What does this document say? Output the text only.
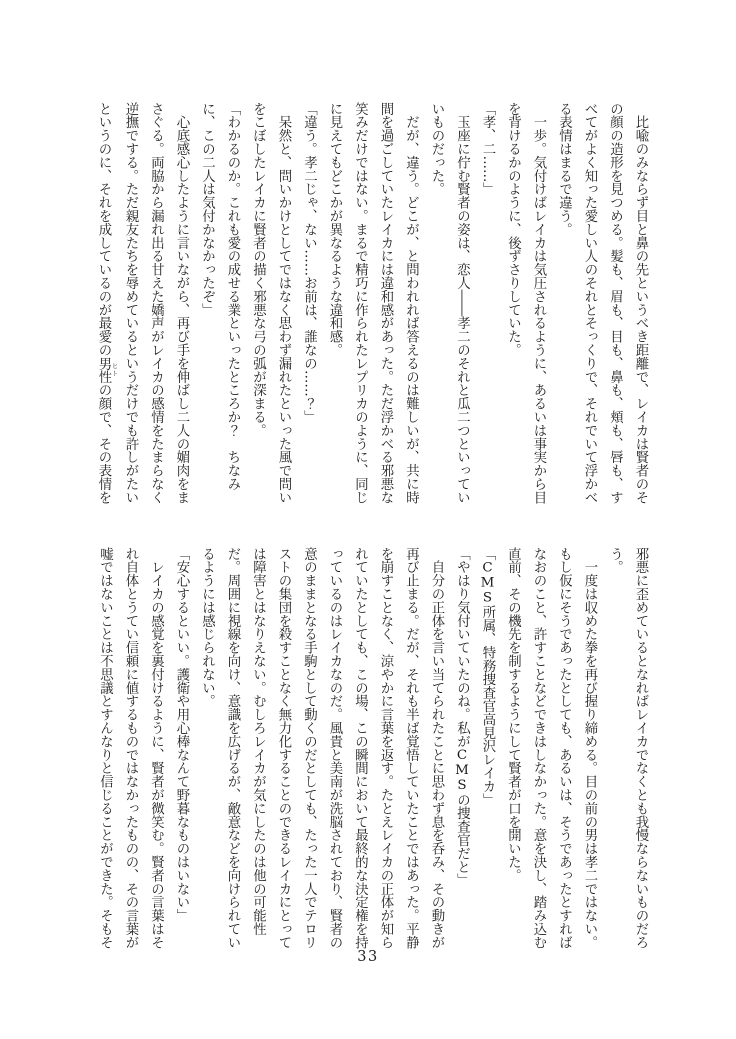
　比喩のみならず目と鼻の先というべき距離で、レイカは賢者のそ

の顔の造形を見つめる。髪も、眉も、目も、鼻も、頬も、唇も、す

べてがよく知った愛しい人のそれとそっくりで、それでいて浮かべ

る表情はまるで違う。

　一歩。気付けばレイカは気圧されるように、あるいは事実から目

を背けるかのように、後ずさりしていた。

「孝、二……」

　玉座に佇む賢者の姿は、恋人――孝二のそれと瓜二つといってい

いものだった。

　だが、違う。どこが、と問われれば答えるのは難しいが、共に時

間を過ごしていたレイカには違和感があった。ただ浮かべる邪悪な

笑みだけではない。まるで精巧に作られたレプリカのように、同じ

に見えてもどこかが異なるような違和感。

「違う。孝二じゃ、ない……お前は、誰なの……？」

　呆然と、問いかけとしてではなく思わず漏れたといった風で問い

をこぼしたレイカに賢者の描く邪悪な弓の弧が深まる。

「わかるのか。これも愛の成せる業といったところか？　ちなみ

に、この二人は気付かなかったぞ」

　心底感心したように言いながら、再び手を伸ばし二人の媚肉をま

さぐる。両脇から漏れ出る甘えた嬌声がレイカの感情をたまらなく

逆撫でする。ただ親友たちを辱めているというだけでも許しがたい

というのに、それを成しているのが最愛の男性 ヒトの顔で、その表情を

邪悪に歪めているとなればレイカでなくとも我慢ならないものだろ

う。

　一度は収めた拳を再び握り締める。目の前の男は孝二ではない。

もし仮にそうであったとしても、あるいは、そうであったとすれば

なおのこと、許すことなどできはしなかった。意を決し、踏み込む

直前、その機先を制するようにして賢者が口を開いた。

「CMS所属、特務捜査官高見沢レイカ」

「やはり気付いていたのね。私がCMSの捜査官だと」

　自分の正体を言い当てられたことに思わず息を呑み、その動きが

再び止まる。だが、それも半ば覚悟していたことではあった。平静

を崩すことなく、涼やかに言葉を返す。たとえレイカの正体が知ら

れていたとしても、この場、この瞬間において最終的な決定権を持

っているのはレイカなのだ。風貴と美南が洗脳されており、賢者の

意のままとなる手駒として動くのだとしても、たった一人でテロリ

ストの集団を殺すことなく無力化することのできるレイカにとって

は障害とはなりえない。むしろレイカが気にしたのは他の可能性

だ。周囲に視線を向け、意識を広げるが、敵意などを向けられてい

るようには感じられない。

「安心するといい。護衛や用心棒なんて野暮なものはいない」

　レイカの感覚を裏付けるように、賢者が微笑む。賢者の言葉はそ

れ自体とうてい信頼に値するものではなかったものの、その言葉が

嘘ではないことは不思議とすんなりと信じることができた。そもそ

33
